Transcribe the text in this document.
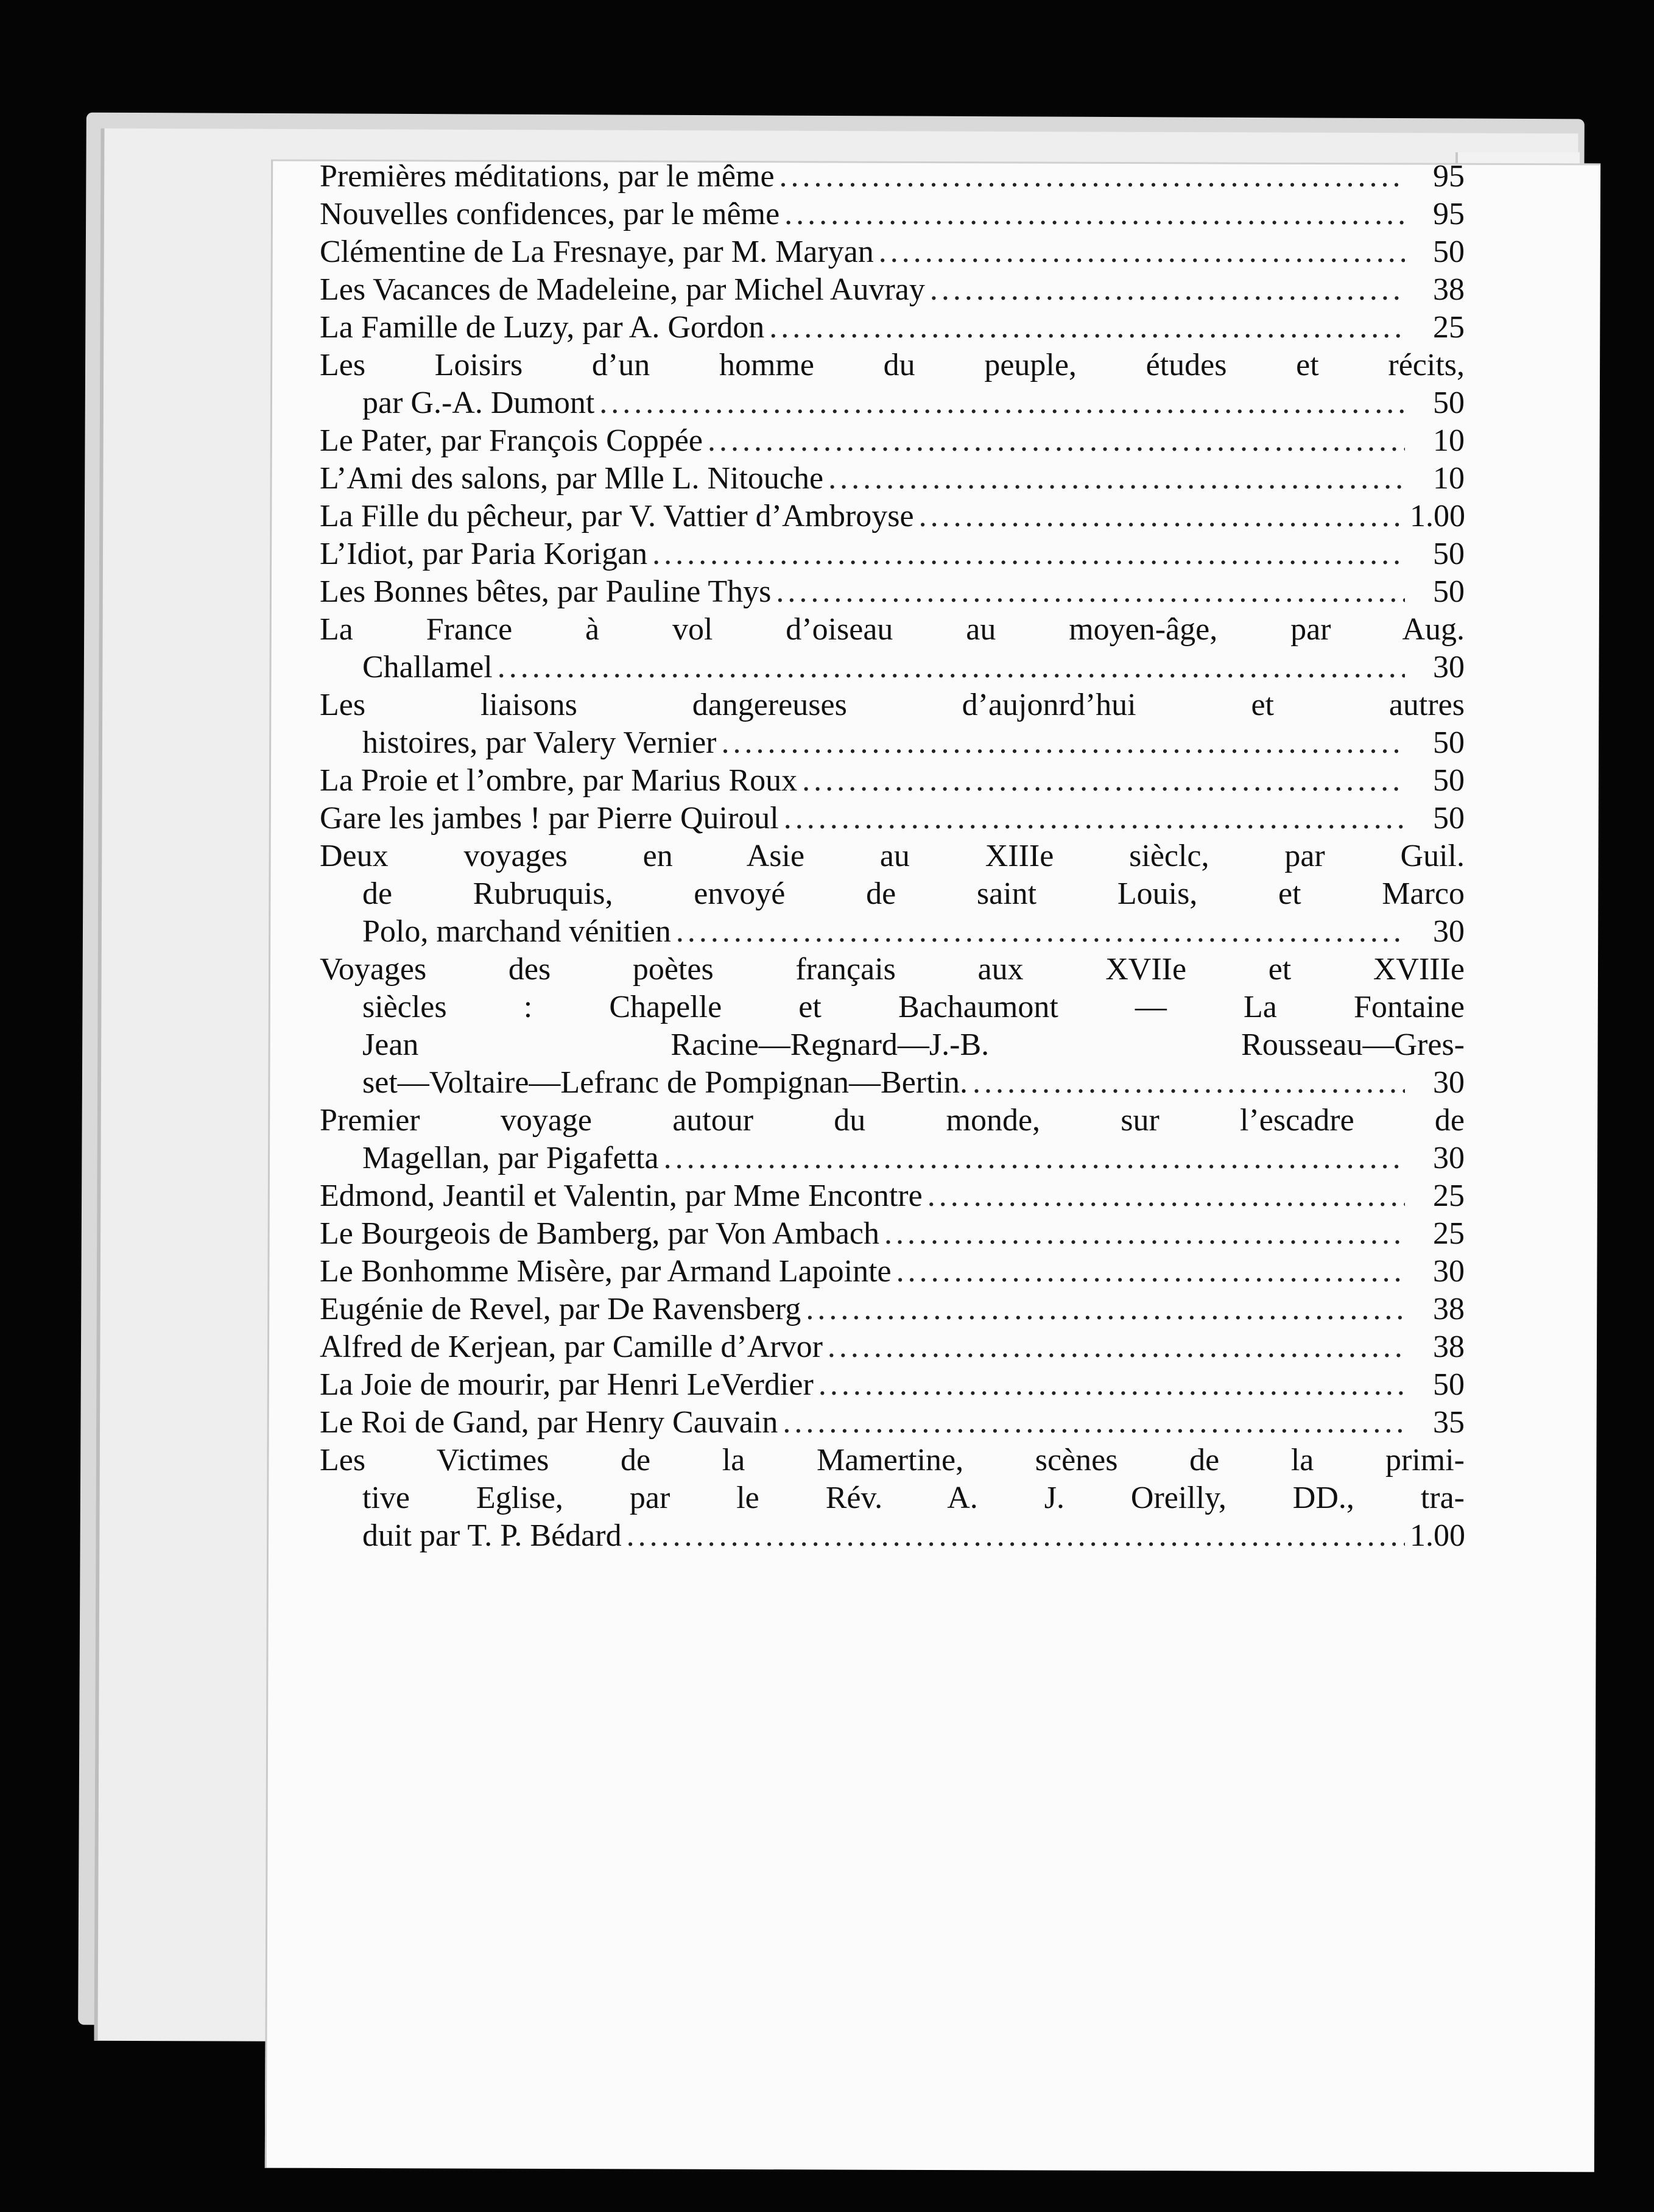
Premières méditations, par le même .....	95
Nouvelles confidences, par le même .....	95
Clémentine de La Fresnaye, par M. Maryan .....	50
Les Vacances de Madeleine, par Michel Auvray .....	38
La Famille de Luzy, par A. Gordon .....	25
Les Loisirs d’un homme du peuple, études et récits,
par G.-A. Dumont .....	50
Le Pater, par François Coppée .....	10
L’Ami des salons, par Mlle L. Nitouche .....	10
La Fille du pêcheur, par V. Vattier d’Ambroyse .....	1.00
L’Idiot, par Paria Korigan .....	50
Les Bonnes bêtes, par Pauline Thys .....	50
La France à vol d’oiseau au moyen-âge, par Aug.
Challamel .....	30
Les liaisons dangereuses d’aujonrd’hui et autres
histoires, par Valery Vernier .....	50
La Proie et l’ombre, par Marius Roux .....	50
Gare les jambes ! par Pierre Quiroul .....	50
Deux voyages en Asie au XIIIe sièclc, par Guil.
de Rubruquis, envoyé de saint Louis, et Marco
Polo, marchand vénitien .....	30
Voyages des poètes français aux XVIIe et XVIIIe
siècles : Chapelle et Bachaumont — La Fontaine
Jean Racine—Regnard—J.-B. Rousseau—Gres-
set—Voltaire—Lefranc de Pompignan—Bertin. .....	30
Premier voyage autour du monde, sur l’escadre de
Magellan, par Pigafetta .....	30
Edmond, Jeantil et Valentin, par Mme Encontre .....	25
Le Bourgeois de Bamberg, par Von Ambach .....	25
Le Bonhomme Misère, par Armand Lapointe .....	30
Eugénie de Revel, par De Ravensberg .....	38
Alfred de Kerjean, par Camille d’Arvor .....	38
La Joie de mourir, par Henri LeVerdier .....	50
Le Roi de Gand, par Henry Cauvain .....	35
Les Victimes de la Mamertine, scènes de la primi-
tive Eglise, par le Rév. A. J. Oreilly, DD., tra-
duit par T. P. Bédard .....	1.00
